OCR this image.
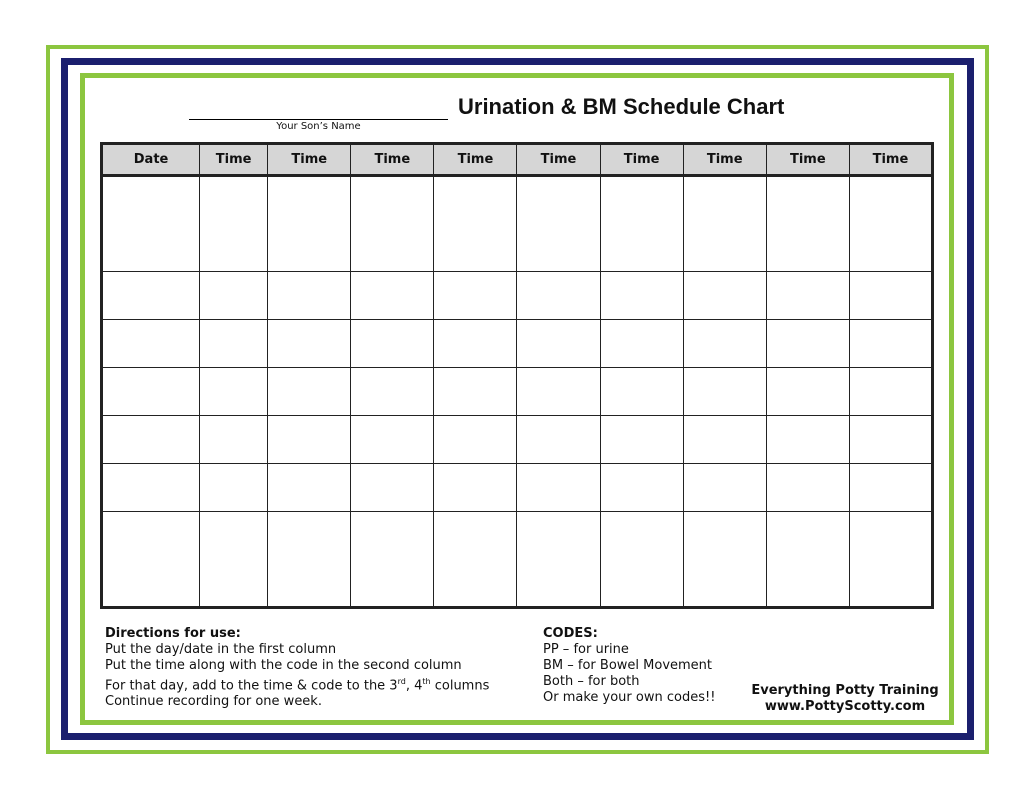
Your Son’s Name
Urination & BM Schedule Chart
Date	Time	Time	Time	Time	Time	Time	Time	Time	Time

Directions for use:
Put the day/date in the first column
Put the time along with the code in the second column
For that day, add to the time & code to the 3rd, 4th columns
Continue recording for one week.
CODES:
PP – for urine
BM – for Bowel Movement
Both – for both
Or make your own codes!!	Everything Potty Training
www.PottyScotty.com
